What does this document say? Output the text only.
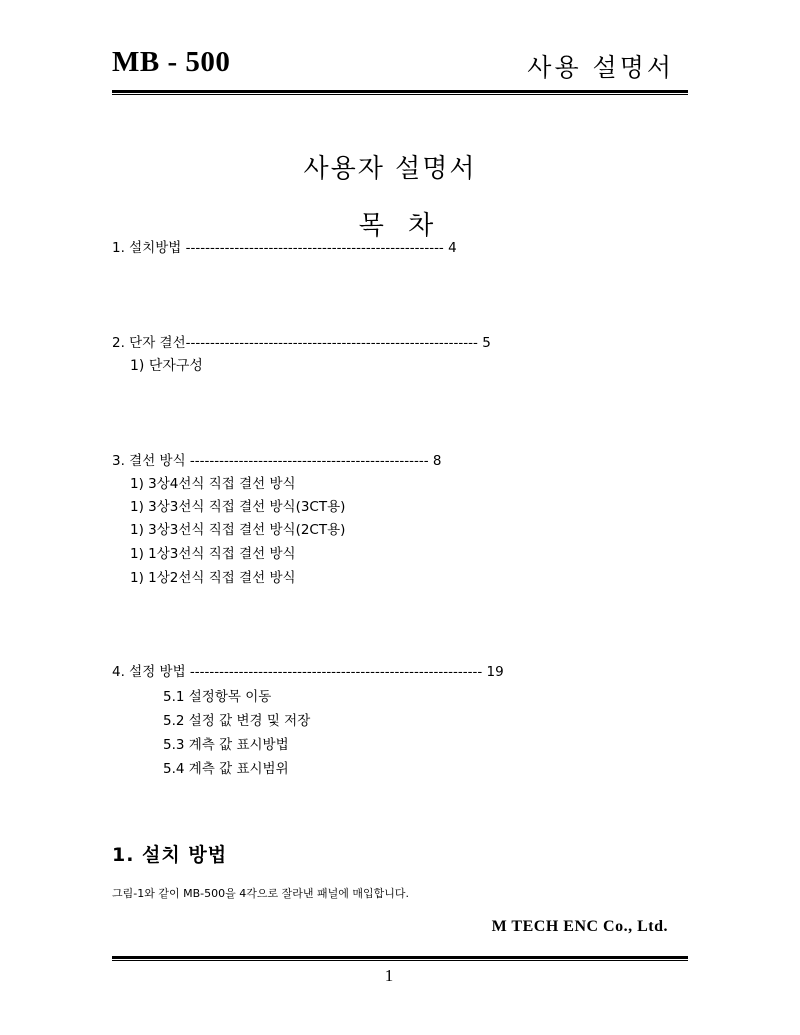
MB - 500	사용 설명서
사용자 설명서
목 차
1. 설치방법 ----------------------------------------------------- 4
2. 단자 결선------------------------------------------------------------ 5
1) 단자구성
3. 결선 방식 ------------------------------------------------- 8
1) 3상4선식 직접 결선 방식
1) 3상3선식 직접 결선 방식(3CT용)
1) 3상3선식 직접 결선 방식(2CT용)
1) 1상3선식 직접 결선 방식
1) 1상2선식 직접 결선 방식
4. 설정 방법 ------------------------------------------------------------ 19
5.1 설정항목 이동
5.2 설정 값 변경 및 저장
5.3 계측 값 표시방법
5.4 계측 값 표시범위
1. 설치 방법
그림-1와 같이 MB-500을 4각으로 잘라낸 패널에 매입합니다.
M TECH ENC Co., Ltd.
1
